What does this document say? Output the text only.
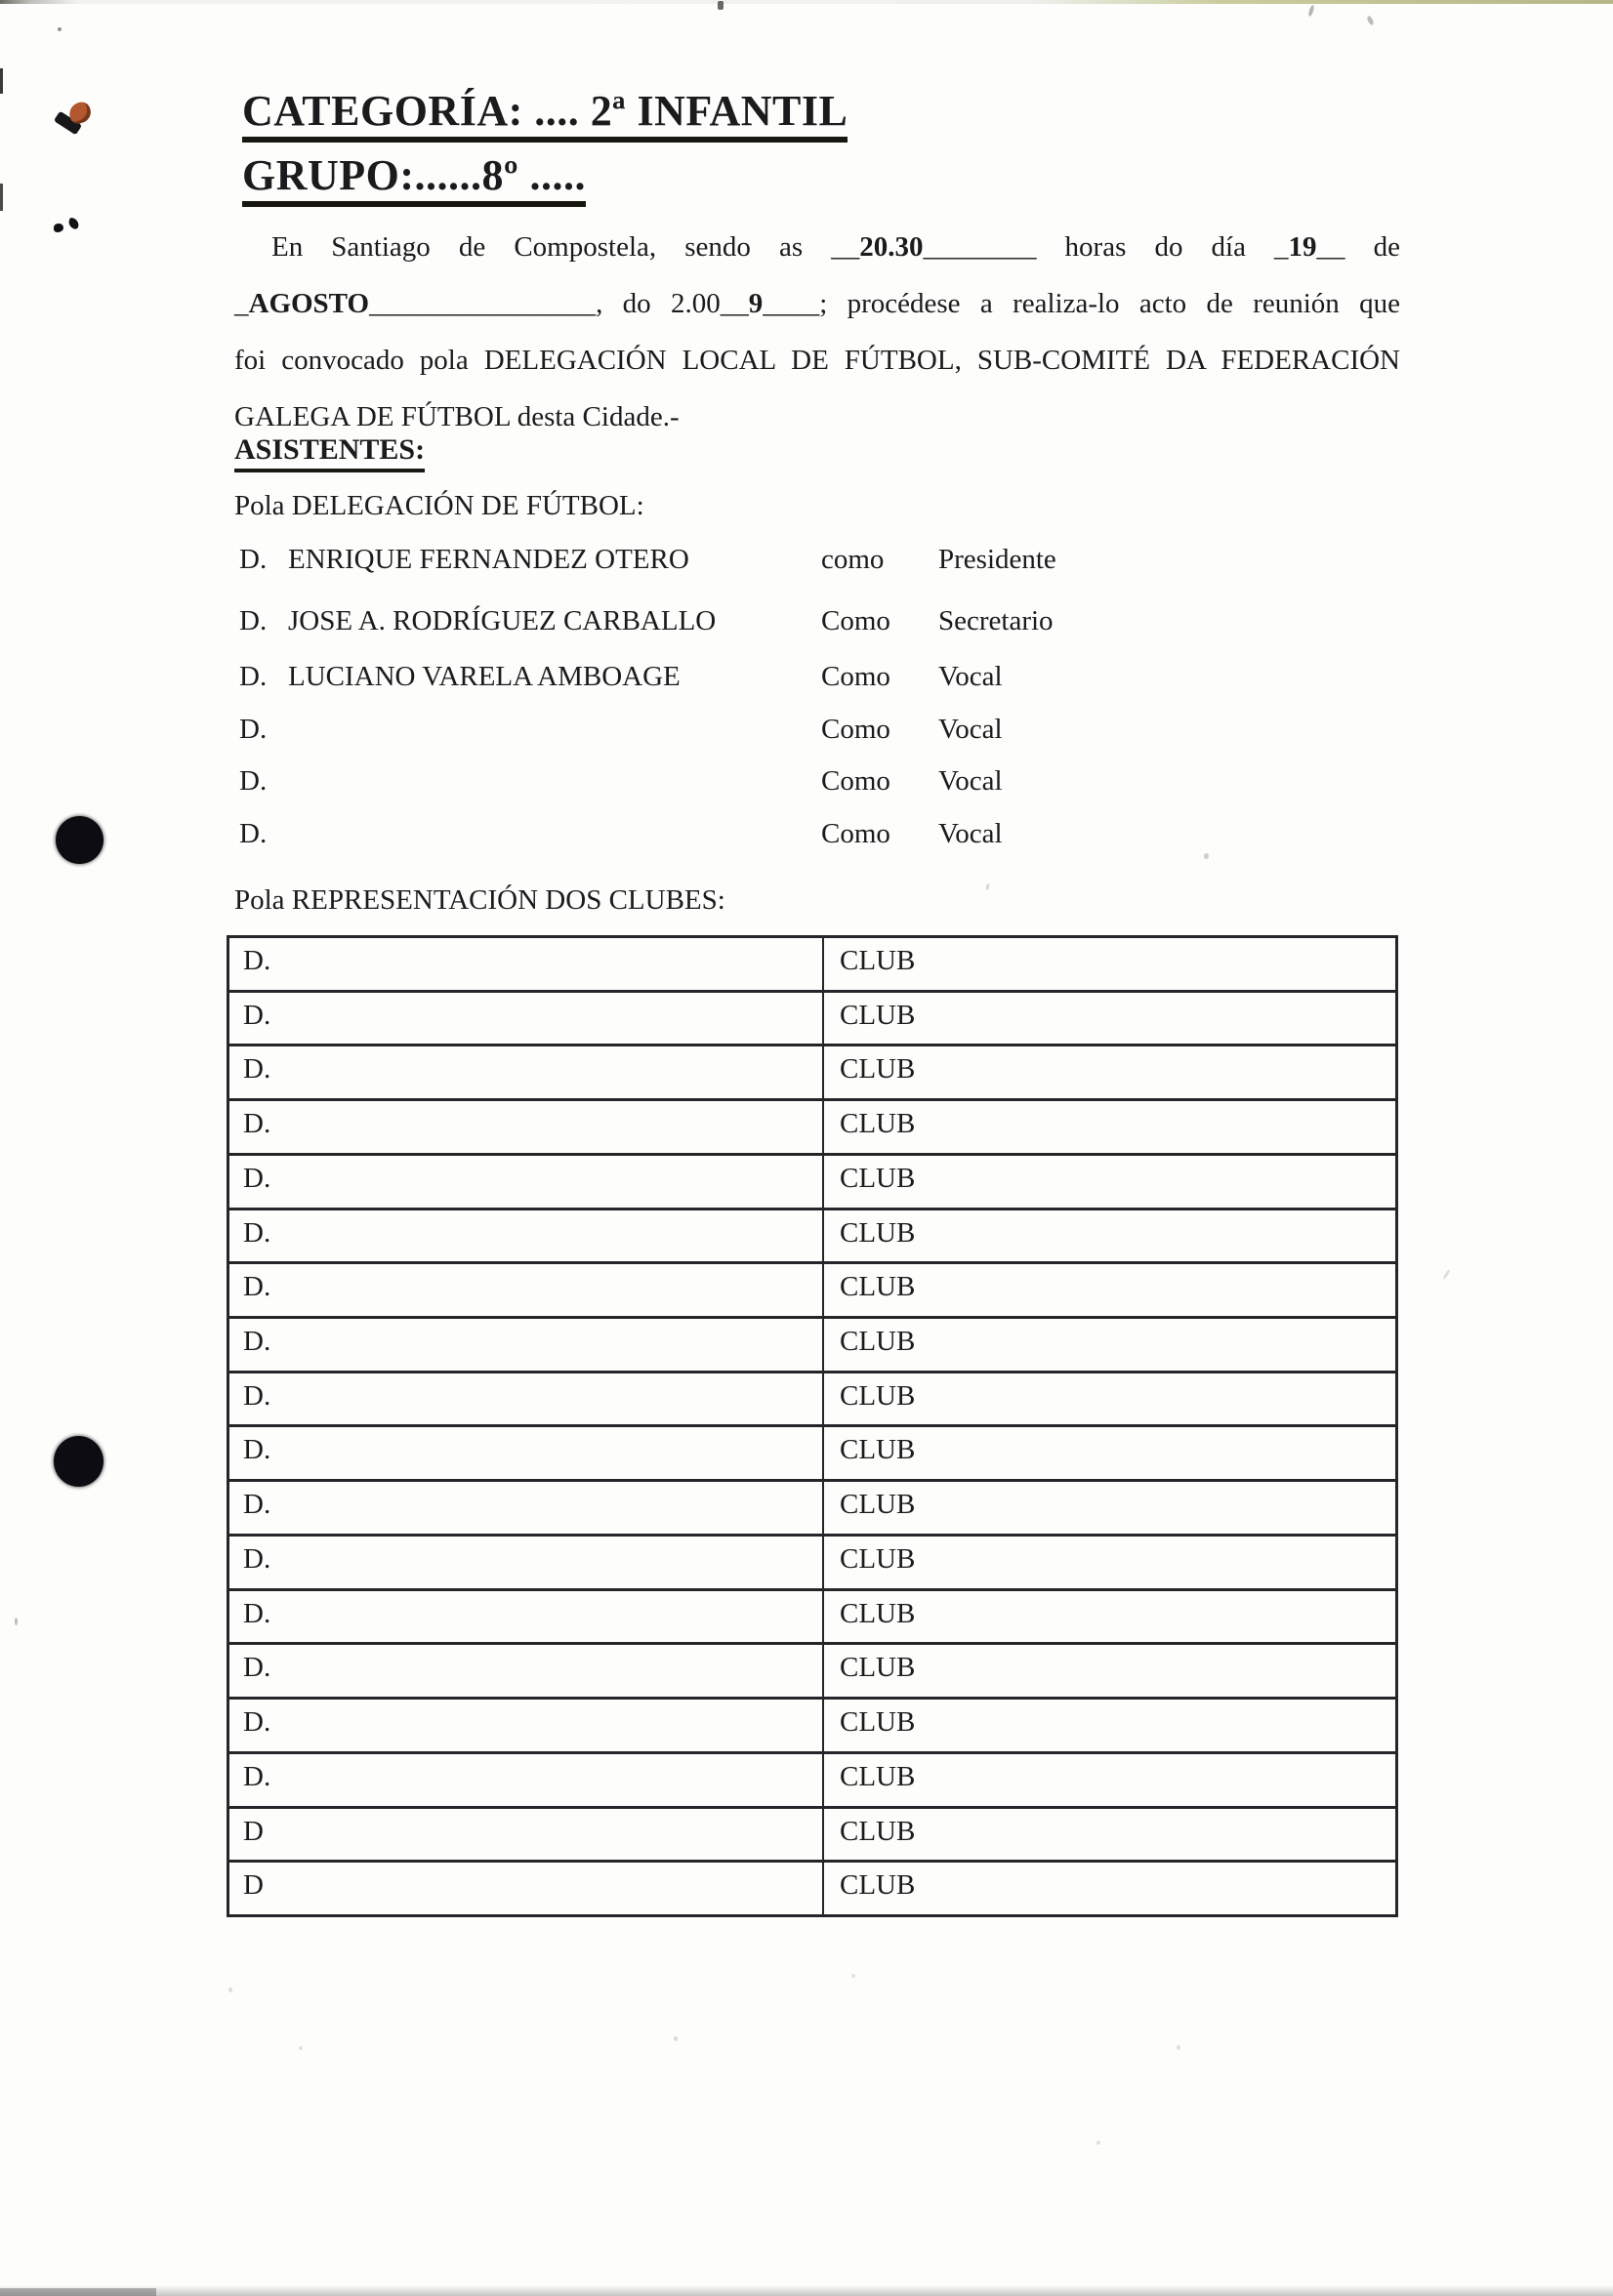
CATEGORÍA: .... 2ª INFANTIL
GRUPO:......8º .....
En Santiago de Compostela, sendo as __20.30________ horas do día _19__ de
_AGOSTO________________, do 2.00__9____; procédese a realiza-lo acto de reunión que
foi convocado pola DELEGACIÓN LOCAL DE FÚTBOL, SUB-COMITÉ DA FEDERACIÓN
GALEGA DE FÚTBOL desta Cidade.-
ASISTENTES:
Pola DELEGACIÓN DE FÚTBOL:
D. ENRIQUE FERNANDEZ OTERO	como Presidente
D. JOSE A. RODRÍGUEZ CARBALLO	Como Secretario
D. LUCIANO VARELA AMBOAGE	Como Vocal
D.	Como Vocal
D.	Como Vocal
D.	Como Vocal
Pola REPRESENTACIÓN DOS CLUBES:
D.	CLUB
D.	CLUB
D.	CLUB
D.	CLUB
D.	CLUB
D.	CLUB
D.	CLUB
D.	CLUB
D.	CLUB
D.	CLUB
D.	CLUB
D.	CLUB
D.	CLUB
D.	CLUB
D.	CLUB
D.	CLUB
D	CLUB
D	CLUB
